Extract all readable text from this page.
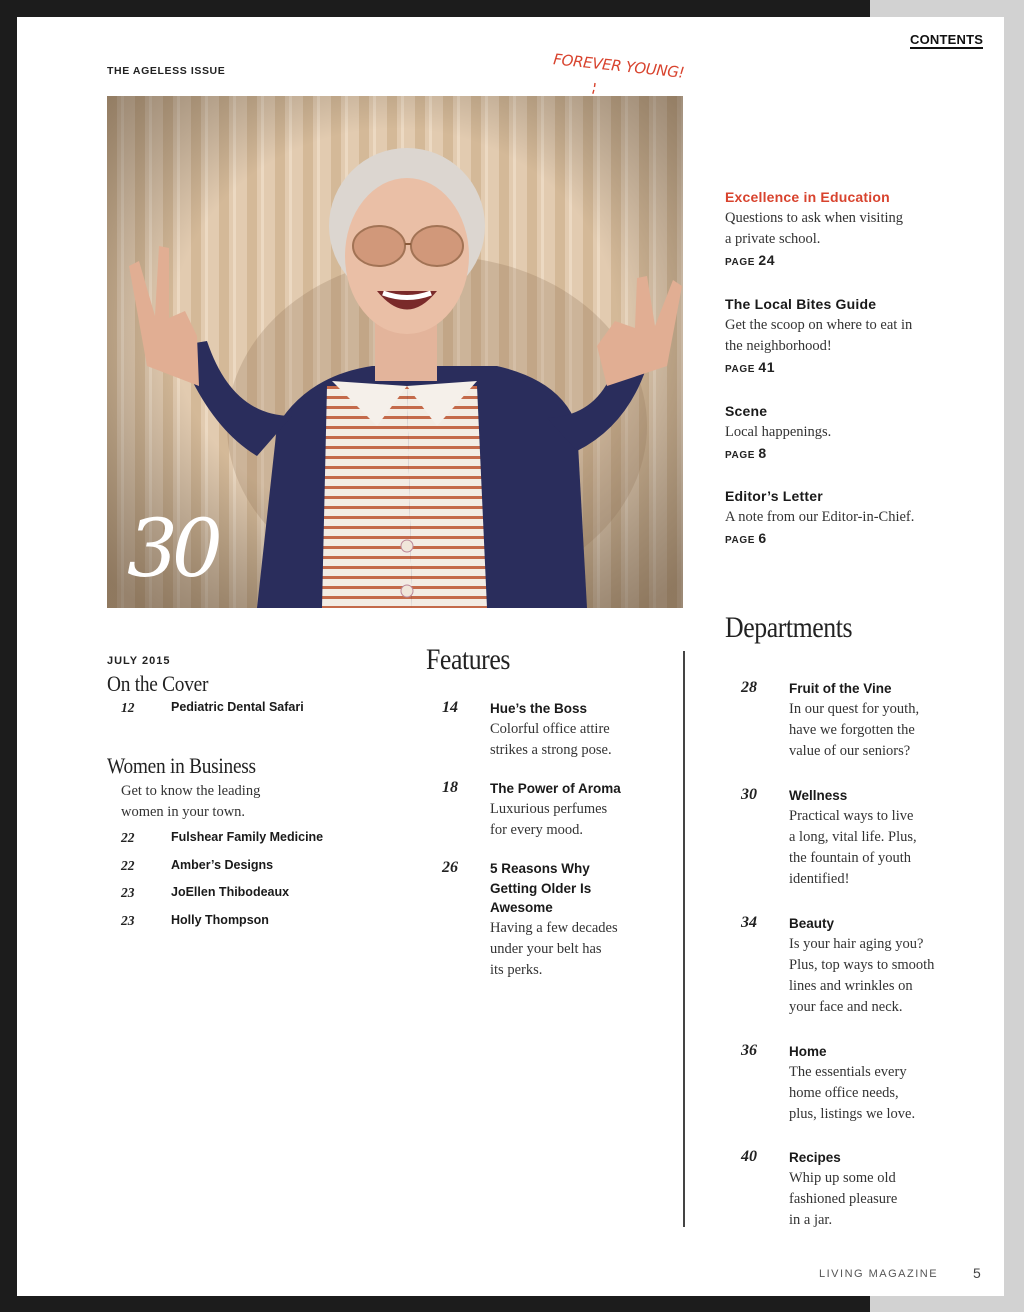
THE AGELESS ISSUE
CONTENTS
FOREVER YOUNG!
30
Excellence in Education
Questions to ask when visiting
a private school.
PAGE 24
The Local Bites Guide
Get the scoop on where to eat in
the neighborhood!
PAGE 41
Scene
Local happenings.
PAGE 8
Editor’s Letter
A note from our Editor-in-Chief.
PAGE 6
JULY 2015
On the Cover
12	Pediatric Dental Safari
Women in Business
Get to know the leading
women in your town.
22	Fulshear Family Medicine
22	Amber’s Designs
23	JoEllen Thibodeaux
23	Holly Thompson
Features
14 Hue’s the Boss
Colorful office attire
strikes a strong pose.
18 The Power of Aroma
Luxurious perfumes
for every mood.
26 5 Reasons Why
Getting Older Is
Awesome
Having a few decades
under your belt has
its perks.
Departments
28 Fruit of the Vine
In our quest for youth,
have we forgotten the
value of our seniors?
30 Wellness
Practical ways to live
a long, vital life. Plus,
the fountain of youth
identified!
34 Beauty
Is your hair aging you?
Plus, top ways to smooth
lines and wrinkles on
your face and neck.
36 Home
The essentials every
home office needs,
plus, listings we love.
40 Recipes
Whip up some old
fashioned pleasure
in a jar.
LIVING MAGAZINE 5
